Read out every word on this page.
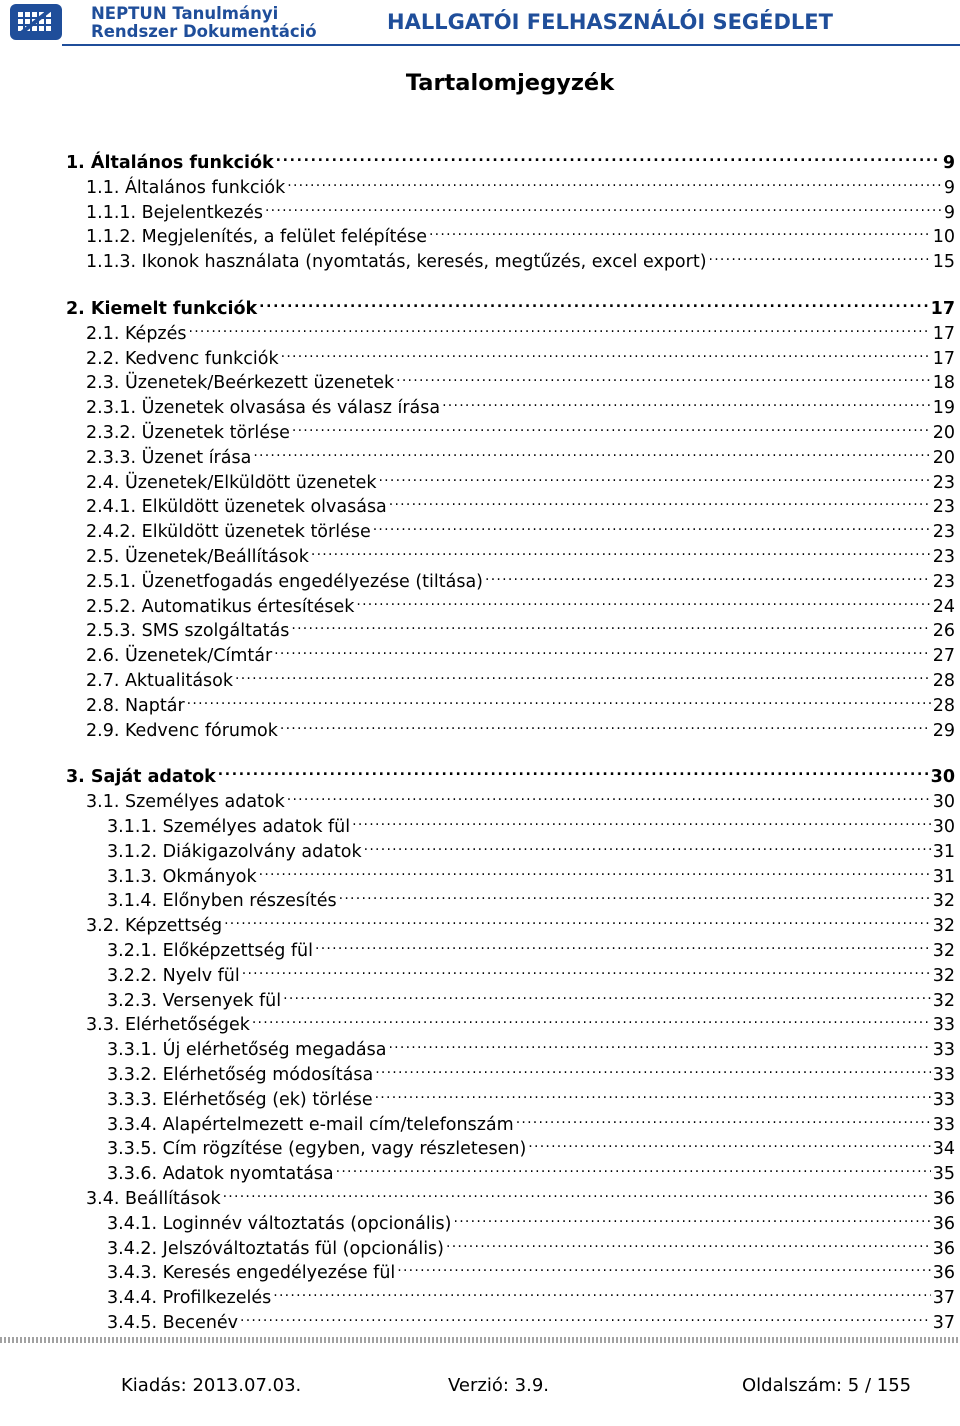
NEPTUN Tanulmányi
Rendszer Dokumentáció	HALLGATÓI FELHASZNÁLÓI SEGÉDLET
Tartalomjegyzék
1. Általános funkciók . . .	9
1.1. Általános funkciók . . .	9
1.1.1. Bejelentkezés . . .	9
1.1.2. Megjelenítés, a felület felépítése . . .	10
1.1.3. Ikonok használata (nyomtatás, keresés, megtűzés, excel export) . . .	15
2. Kiemelt funkciók . . .	17
2.1. Képzés . . .	17
2.2. Kedvenc funkciók . . .	17
2.3. Üzenetek/Beérkezett üzenetek . . .	18
2.3.1. Üzenetek olvasása és válasz írása . . .	19
2.3.2. Üzenetek törlése . . .	20
2.3.3. Üzenet írása . . .	20
2.4. Üzenetek/Elküldött üzenetek . . .	23
2.4.1. Elküldött üzenetek olvasása . . .	23
2.4.2. Elküldött üzenetek törlése . . .	23
2.5. Üzenetek/Beállítások . . .	23
2.5.1. Üzenetfogadás engedélyezése (tiltása) . . .	23
2.5.2. Automatikus értesítések . . .	24
2.5.3. SMS szolgáltatás . . .	26
2.6. Üzenetek/Címtár . . .	27
2.7. Aktualitások . . .	28
2.8. Naptár . . .	28
2.9. Kedvenc fórumok . . .	29
3. Saját adatok . . .	30
3.1. Személyes adatok . . .	30
3.1.1. Személyes adatok fül . . .	30
3.1.2. Diákigazolvány adatok . . .	31
3.1.3. Okmányok . . .	31
3.1.4. Előnyben részesítés . . .	32
3.2. Képzettség . . .	32
3.2.1. Előképzettség fül . . .	32
3.2.2. Nyelv fül . . .	32
3.2.3. Versenyek fül . . .	32
3.3. Elérhetőségek . . .	33
3.3.1. Új elérhetőség megadása . . .	33
3.3.2. Elérhetőség módosítása . . .	33
3.3.3. Elérhetőség (ek) törlése . . .	33
3.3.4. Alapértelmezett e-mail cím/telefonszám . . .	33
3.3.5. Cím rögzítése (egyben, vagy részletesen) . . .	34
3.3.6. Adatok nyomtatása . . .	35
3.4. Beállítások . . .	36
3.4.1. Loginnév változtatás (opcionális) . . .	36
3.4.2. Jelszóváltoztatás fül (opcionális) . . .	36
3.4.3. Keresés engedélyezése fül . . .	36
3.4.4. Profilkezelés . . .	37
3.4.5. Becenév . . .	37
Kiadás: 2013.07.03.	Verzió: 3.9.	Oldalszám: 5 / 155
